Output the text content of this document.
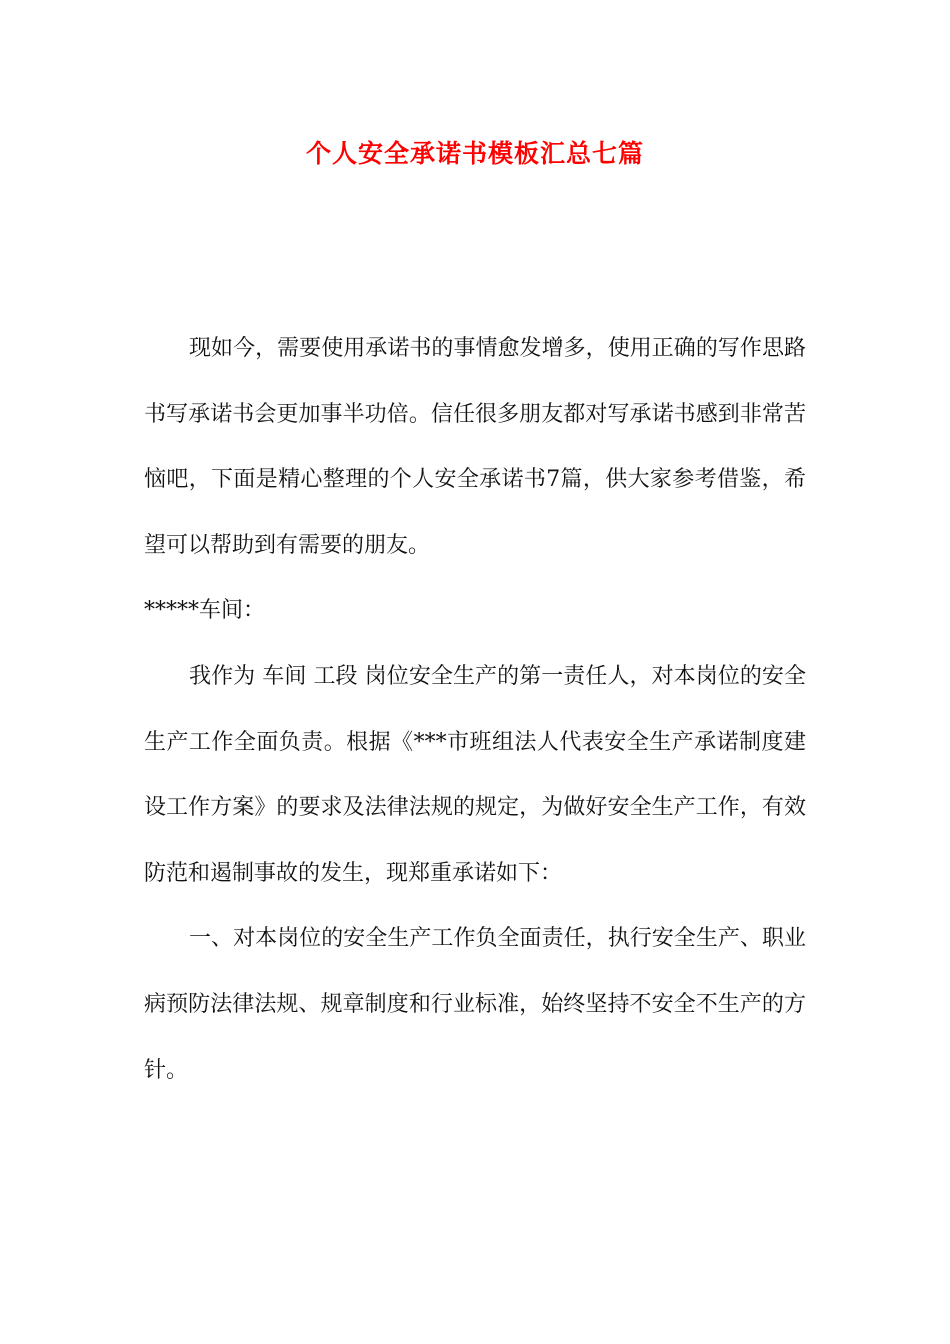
个人安全承诺书模板汇总七篇

现如今，需要使用承诺书的事情愈发增多，使用正确的写作思路书写承诺书会更加事半功倍。信任很多朋友都对写承诺书感到非常苦恼吧，下面是精心整理的个人安全承诺书7篇，供大家参考借鉴，希望可以帮助到有需要的朋友。

*****车间：

我作为 车间 工段 岗位安全生产的第一责任人，对本岗位的安全生产工作全面负责。根据《***市班组法人代表安全生产承诺制度建设工作方案》的要求及法律法规的规定，为做好安全生产工作，有效防范和遏制事故的发生，现郑重承诺如下：

一、对本岗位的安全生产工作负全面责任，执行安全生产、职业病预防法律法规、规章制度和行业标准，始终坚持不安全不生产的方针。
